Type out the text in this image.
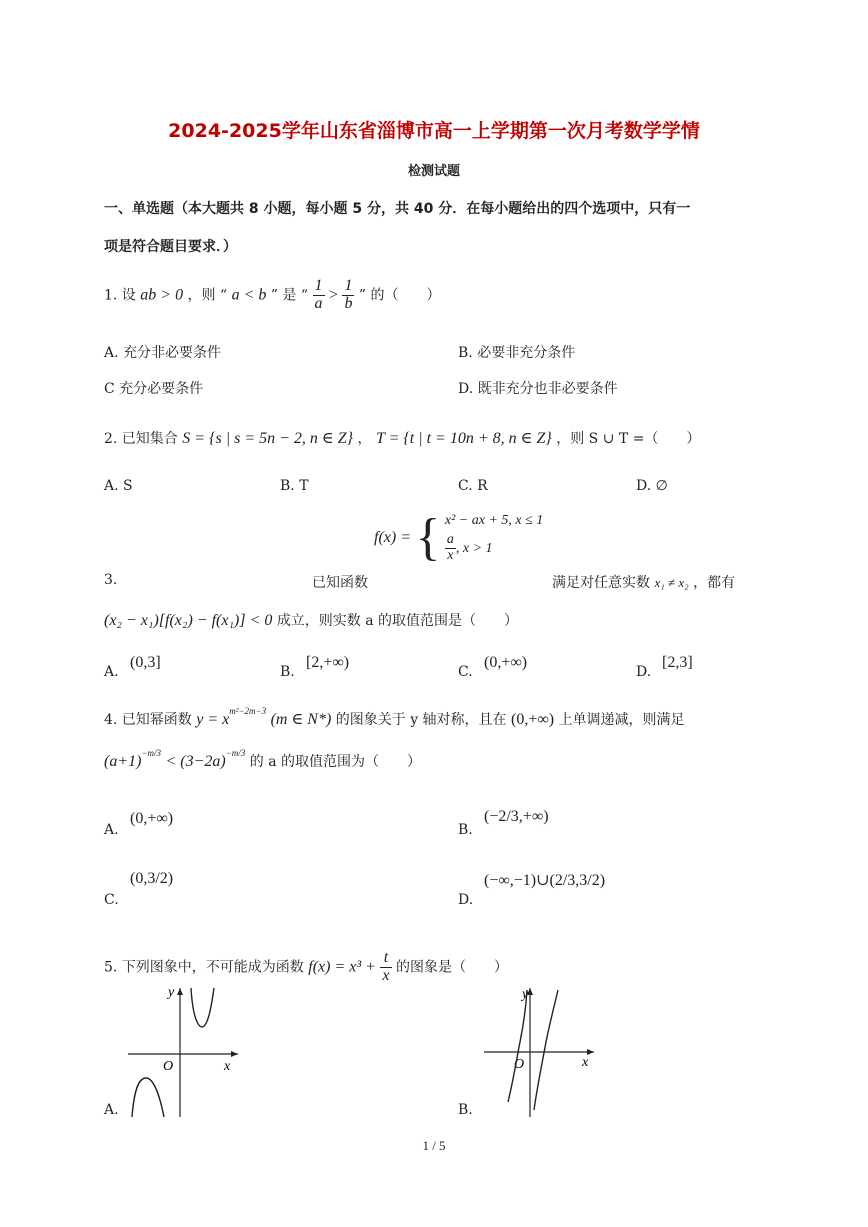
2024-2025学年山东省淄博市高一上学期第一次月考数学学情
检测试题
一、单选题（本大题共 8 小题，每小题 5 分，共 40 分．在每小题给出的四个选项中，只有一
项是符合题目要求．）
1. 设 ab > 0 ，则 “ a < b ” 是 “ $\frac{1}{a} > \frac{1}{b}$ ” 的（　　）
A. 充分非必要条件	B. 必要非充分条件
C 充分必要条件	D. 既非充分也非必要条件
2. 已知集合 S = {s | s = 5n − 2, n ∈ Z} ， T = {t | t = 10n + 8, n ∈ Z} ，则 S ∪ T =（　　）
A. S	B. T	C. R	D. ∅
f(x) = { x² − ax + 5, x ≤ 1
$\frac{a}{x}$ , x > 1
3.	已知函数	满足对任意实数 x₁ ≠ x₂ ，都有
(x₂ − x₁)[f(x₂) − f(x₁)] < 0 成立，则实数 a 的取值范围是（　　）
A.
(0,3]
B.
[2,+∞)
C.
(0,+∞)
D.
[2,3]
4. 已知幂函数 $y = x^{m^2-2m-3}$ (m ∈ N*) 的图象关于 y 轴对称，且在 (0,+∞) 上单调递减，则满足
$(a+1)^{-m/3} < (3-2a)^{-m/3}$ 的 a 的取值范围为（　　）
A.
(0,+∞)
B.
(−2/3,+∞)
C.
(0,3/2)
D.
(−∞,−1)∪(2/3,3/2)
5. 下列图象中，不可能成为函数 $f(x) = x^3 + \frac{t}{x}$ 的图象是（　　）
y
x
O
A.
y
x
O
B.
1 / 5
